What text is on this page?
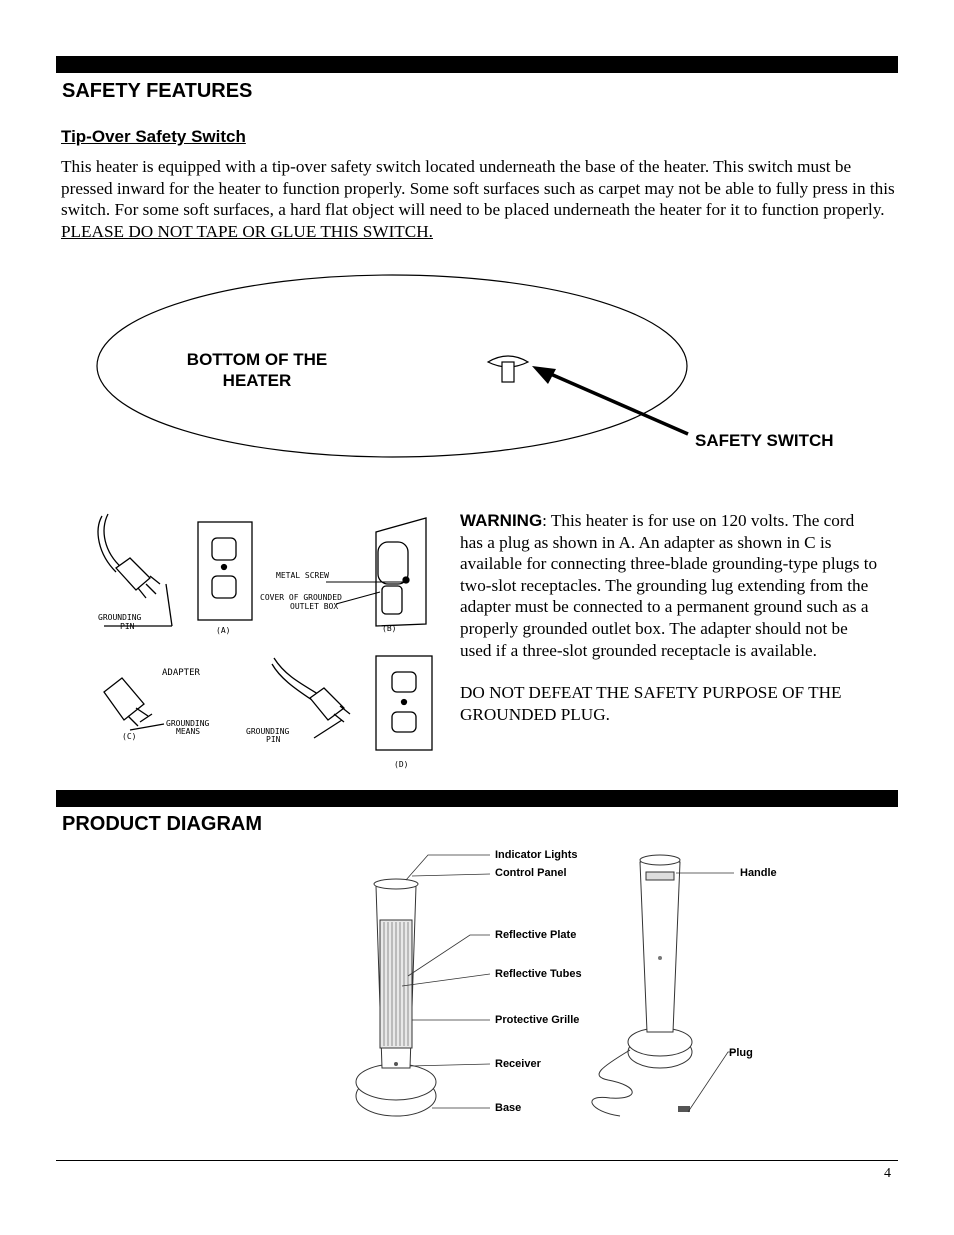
SAFETY FEATURES
Tip-Over Safety Switch
This heater is equipped with a tip-over safety switch located underneath the base of the heater. This switch must be pressed inward for the heater to function properly. Some soft surfaces such as carpet may not be able to fully press in this switch. For some soft surfaces, a hard flat object will need to be placed underneath the heater for it to function properly.  PLEASE DO NOT TAPE OR GLUE THIS SWITCH.
BOTTOM OF THE
HEATER
SAFETY SWITCH
GROUNDING
PIN	(A)
METAL SCREW
COVER OF GROUNDED
OUTLET BOX
(B)
ADAPTER
GROUNDING
MEANS
(C)
GROUNDING
PIN
(D)

WARNING: This heater is for use on 120 volts. The cord has a plug as shown in A. An adapter as shown in C is available for connecting three-blade grounding-type plugs to two-slot receptacles. The grounding lug extending from the adapter must be connected to a permanent ground such as a properly grounded outlet box. The adapter should not be used if a three-slot grounded receptacle is available.

DO NOT DEFEAT THE SAFETY PURPOSE OF THE GROUNDED PLUG.

PRODUCT DIAGRAM
Indicator Lights
Control Panel
Reflective Plate
Reflective Tubes
Protective Grille
Receiver
Base
Handle
Plug
4
